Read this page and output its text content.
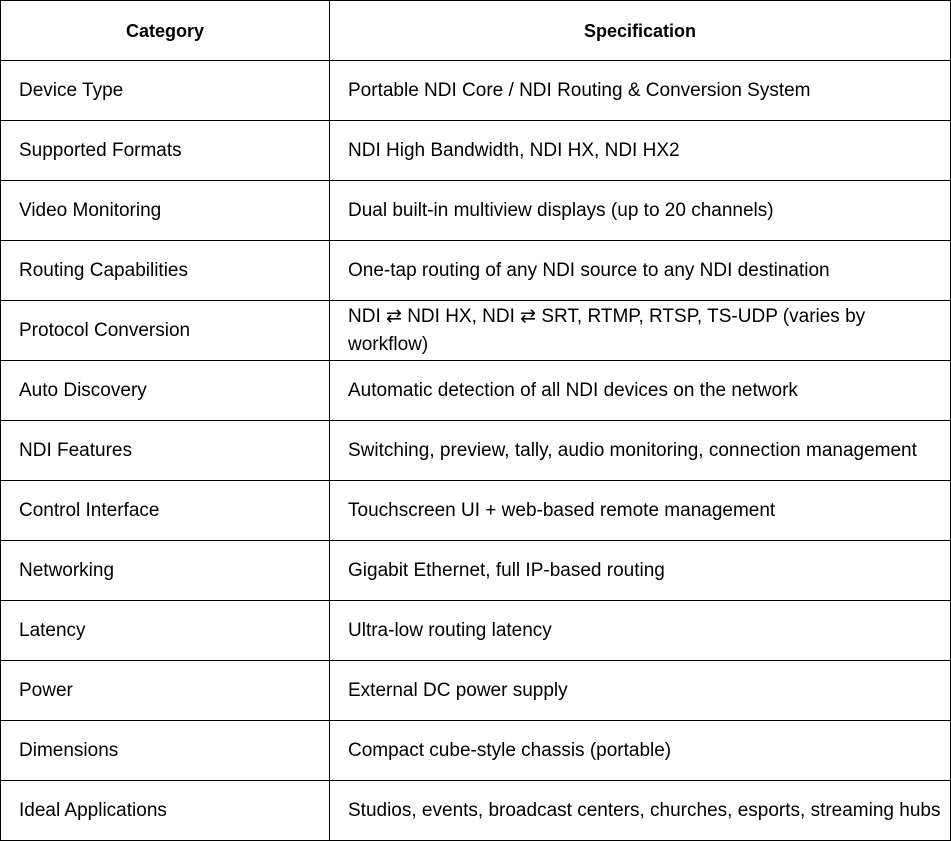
Category	Specification
Device Type	Portable NDI Core / NDI Routing & Conversion System
Supported Formats	NDI High Bandwidth, NDI HX, NDI HX2
Video Monitoring	Dual built-in multiview displays (up to 20 channels)
Routing Capabilities	One-tap routing of any NDI source to any NDI destination
Protocol Conversion	NDI ⇄ NDI HX, NDI ⇄ SRT, RTMP, RTSP, TS-UDP (varies by workflow)
Auto Discovery	Automatic detection of all NDI devices on the network
NDI Features	Switching, preview, tally, audio monitoring, connection management
Control Interface	Touchscreen UI + web-based remote management
Networking	Gigabit Ethernet, full IP-based routing
Latency	Ultra-low routing latency
Power	External DC power supply
Dimensions	Compact cube-style chassis (portable)
Ideal Applications	Studios, events, broadcast centers, churches, esports, streaming hubs
